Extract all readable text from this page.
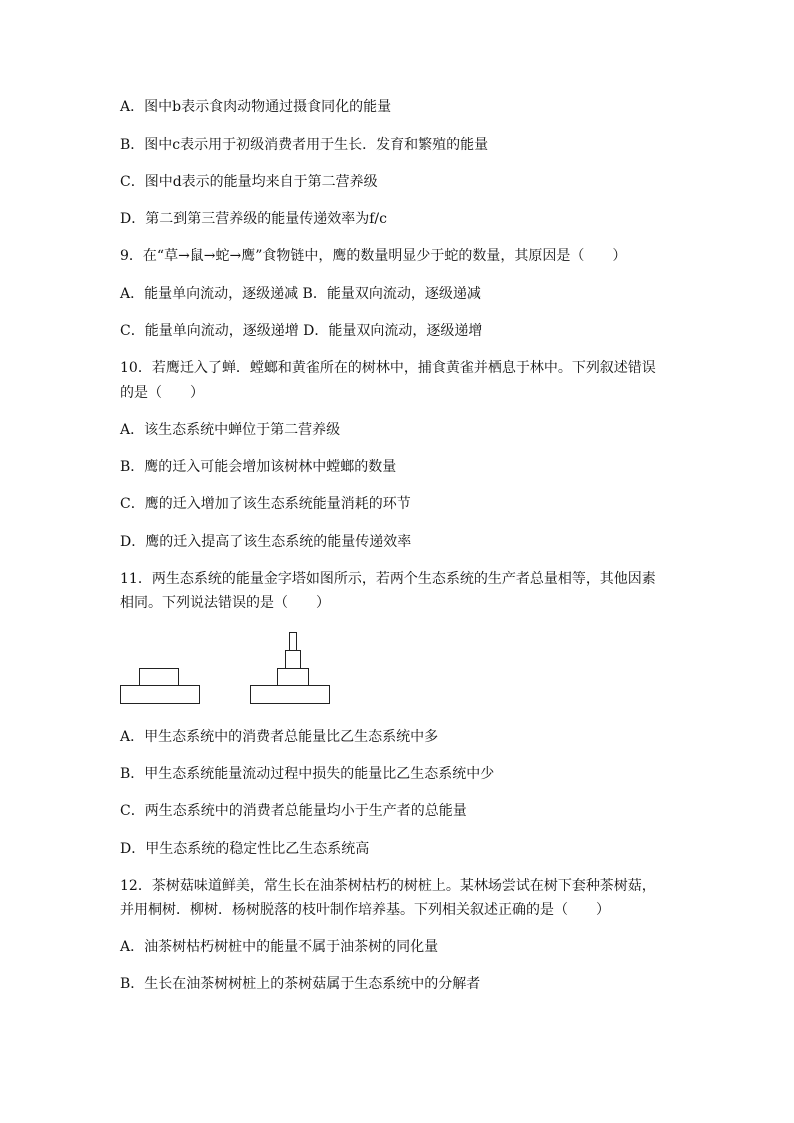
A．图中b表示食肉动物通过摄食同化的能量
B．图中c表示用于初级消费者用于生长．发育和繁殖的能量
C．图中d表示的能量均来自于第二营养级
D．第二到第三营养级的能量传递效率为f/c
9．在“草→鼠→蛇→鹰”食物链中，鹰的数量明显少于蛇的数量，其原因是（　　）
A．能量单向流动，逐级递减 B．能量双向流动，逐级递减
C．能量单向流动，逐级递增 D．能量双向流动，逐级递增
10．若鹰迁入了蝉．螳螂和黄雀所在的树林中，捕食黄雀并栖息于林中。下列叙述错误
的是（　　）
A．该生态系统中蝉位于第二营养级
B．鹰的迁入可能会增加该树林中螳螂的数量
C．鹰的迁入增加了该生态系统能量消耗的环节
D．鹰的迁入提高了该生态系统的能量传递效率
11．两生态系统的能量金字塔如图所示，若两个生态系统的生产者总量相等，其他因素
相同。下列说法错误的是（　　）
A．甲生态系统中的消费者总能量比乙生态系统中多
B．甲生态系统能量流动过程中损失的能量比乙生态系统中少
C．两生态系统中的消费者总能量均小于生产者的总能量
D．甲生态系统的稳定性比乙生态系统高
12．茶树菇味道鲜美，常生长在油茶树枯朽的树桩上。某林场尝试在树下套种茶树菇，
并用桐树．柳树．杨树脱落的枝叶制作培养基。下列相关叙述正确的是（　　）
A．油茶树枯朽树桩中的能量不属于油茶树的同化量
B．生长在油茶树树桩上的茶树菇属于生态系统中的分解者
